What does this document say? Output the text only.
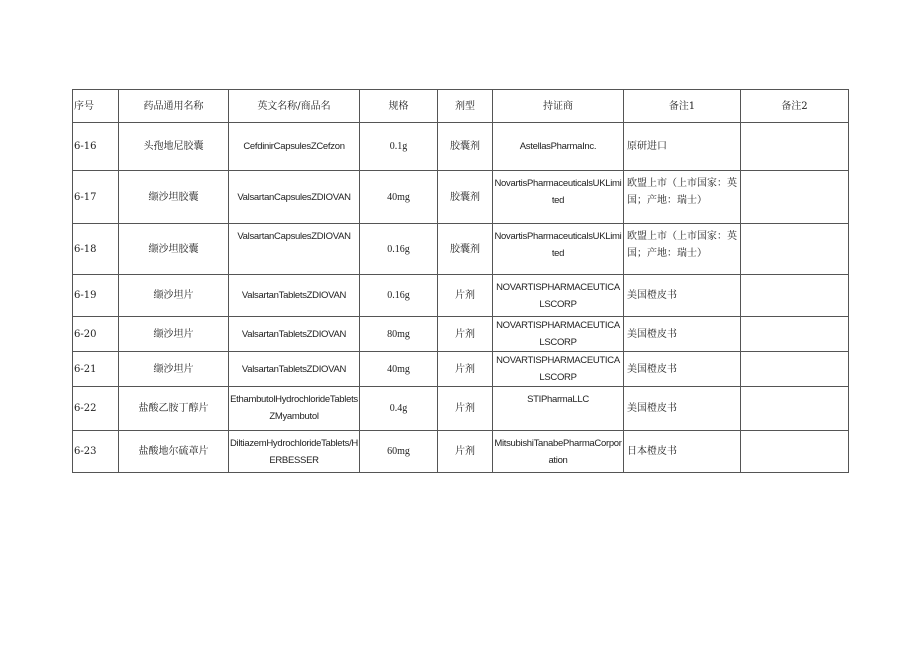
序号	药品通用名称	英文名称/商品名	规格	剂型	持证商	备注1	备注2
6-16	头孢地尼胶囊	CefdinirCapsulesZCefzon	0.1g	胶囊剂	AstellasPharmaInc.	原研进口	
6-17	缬沙坦胶囊	ValsartanCapsulesZDIOVAN	40mg	胶囊剂	NovartisPharmaceuticalsUKLimited	欧盟上市（上市国家：英国；产地：瑞士）	
6-18	缬沙坦胶囊	ValsartanCapsulesZDIOVAN	0.16g	胶囊剂	NovartisPharmaceuticalsUKLimited	欧盟上市（上市国家：英国；产地：瑞士）	
6-19	缬沙坦片	ValsartanTabletsZDIOVAN	0.16g	片剂	NOVARTISPHARMACEUTICALSCORP	美国橙皮书	
6-20	缬沙坦片	ValsartanTabletsZDIOVAN	80mg	片剂	NOVARTISPHARMACEUTICALSCORP	美国橙皮书	
6-21	缬沙坦片	ValsartanTabletsZDIOVAN	40mg	片剂	NOVARTISPHARMACEUTICALSCORP	美国橙皮书	
6-22	盐酸乙胺丁醇片	EthambutolHydrochlorideTabletsZMyambutol	0.4g	片剂	STIPharmaLLC	美国橙皮书	
6-23	盐酸地尔硫䓬片	DiltiazemHydrochlorideTablets/HERBESSER	60mg	片剂	MitsubishiTanabePharmaCorporation	日本橙皮书	
